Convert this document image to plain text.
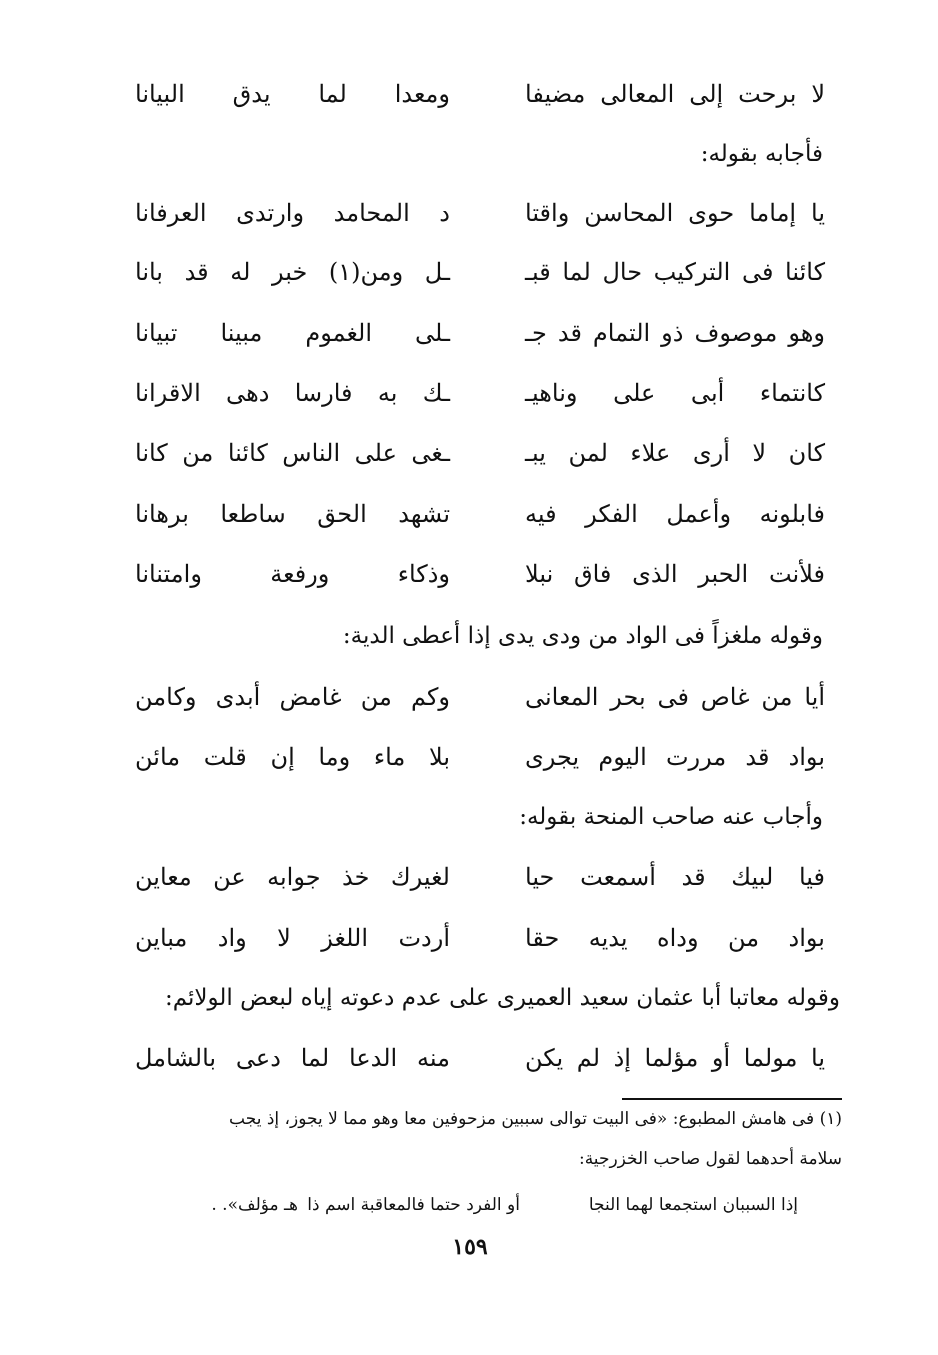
لا برحت إلى المعالى مضيفا
ومعدا لما يدق البيانا
فأجابه بقوله:
يا إماما حوى المحاسن واقتا
د المحامد وارتدى العرفانا
كائنا فى التركيب حال لما قبـ
ـل ومن(١) خبر له قد بانا
وهو موصوف ذو التمام قد جـ
ـلى الغموم مبينا تبيانا
كانتماء أبى على وناهيـ
ـك به فارسا دهى الاقرانا
كان لا أرى علاء لمن يبـ
ـغى على الناس كائنا من كانا
فابلونه وأعمل الفكر فيه
تشهد الحق ساطعا برهانا
فلأنت الحبر الذى فاق نبلا
وذكاء ورفعة وامتنانا
وقوله ملغزاً فى الواد من ودى يدى إذا أعطى الدية:
أيا من غاص فى بحر المعانى
وكم من غامض أبدى وكامن
بواد قد مررت اليوم يجرى
بلا ماء وما إن قلت مائن
وأجاب عنه صاحب المنحة بقوله:
فيا لبيك قد أسمعت حيا
لغيرك خذ جوابه عن معاين
بواد من وداه يديه حقا
أردت اللغز لا واد مباين
وقوله معاتبا أبا عثمان سعيد العميرى على عدم دعوته إياه لبعض الولائم:
يا مولما أو مؤلما إذ لم يكن
منه الدعا لما دعى بالشامل
(١) فى هامش المطبوع: «فى البيت توالى سببين مزحوفين معا وهو مما لا يجوز، إذ يجب
سلامة أحدهما لقول صاحب الخزرجية:
إذا السببان استجمعا لهما النجا
أو الفرد حتما فالمعاقبة اسم ذا
هـ مؤلف». .
١٥٩
